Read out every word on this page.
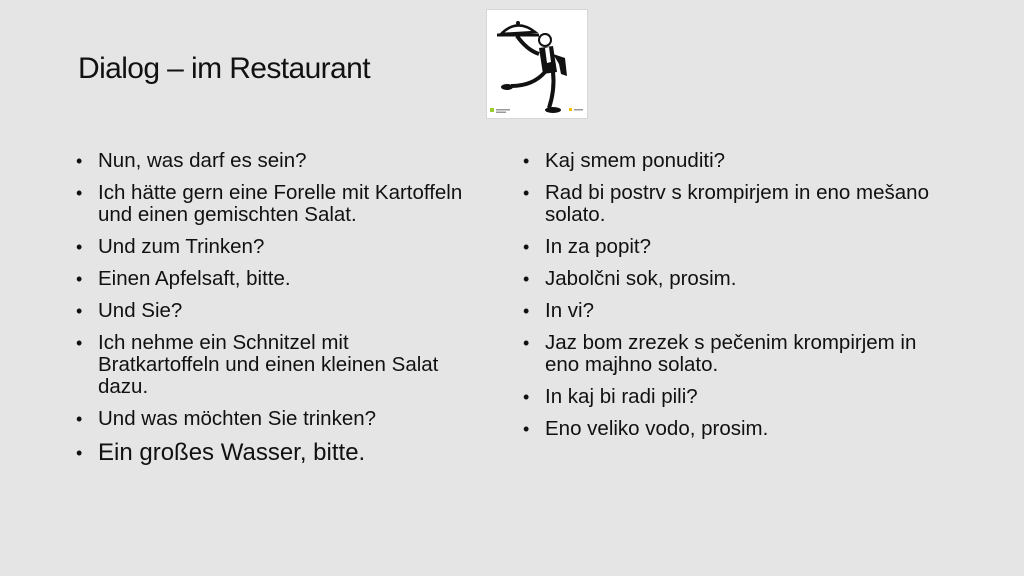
Dialog – im Restaurant
• Nun, was darf es sein?
• Ich hätte gern eine Forelle mit Kartoffeln und einen gemischten Salat.
• Und zum Trinken?
• Einen Apfelsaft, bitte.
• Und Sie?
• Ich nehme ein Schnitzel mit Bratkartoffeln und einen kleinen Salat dazu.
• Und was möchten Sie trinken?
• Ein großes Wasser, bitte.
• Kaj smem ponuditi?
• Rad bi postrv s krompirjem in eno mešano solato.
• In za popit?
• Jabolčni sok, prosim.
• In vi?
• Jaz bom zrezek s pečenim krompirjem in eno majhno solato.
• In kaj bi radi pili?
• Eno veliko vodo, prosim.
